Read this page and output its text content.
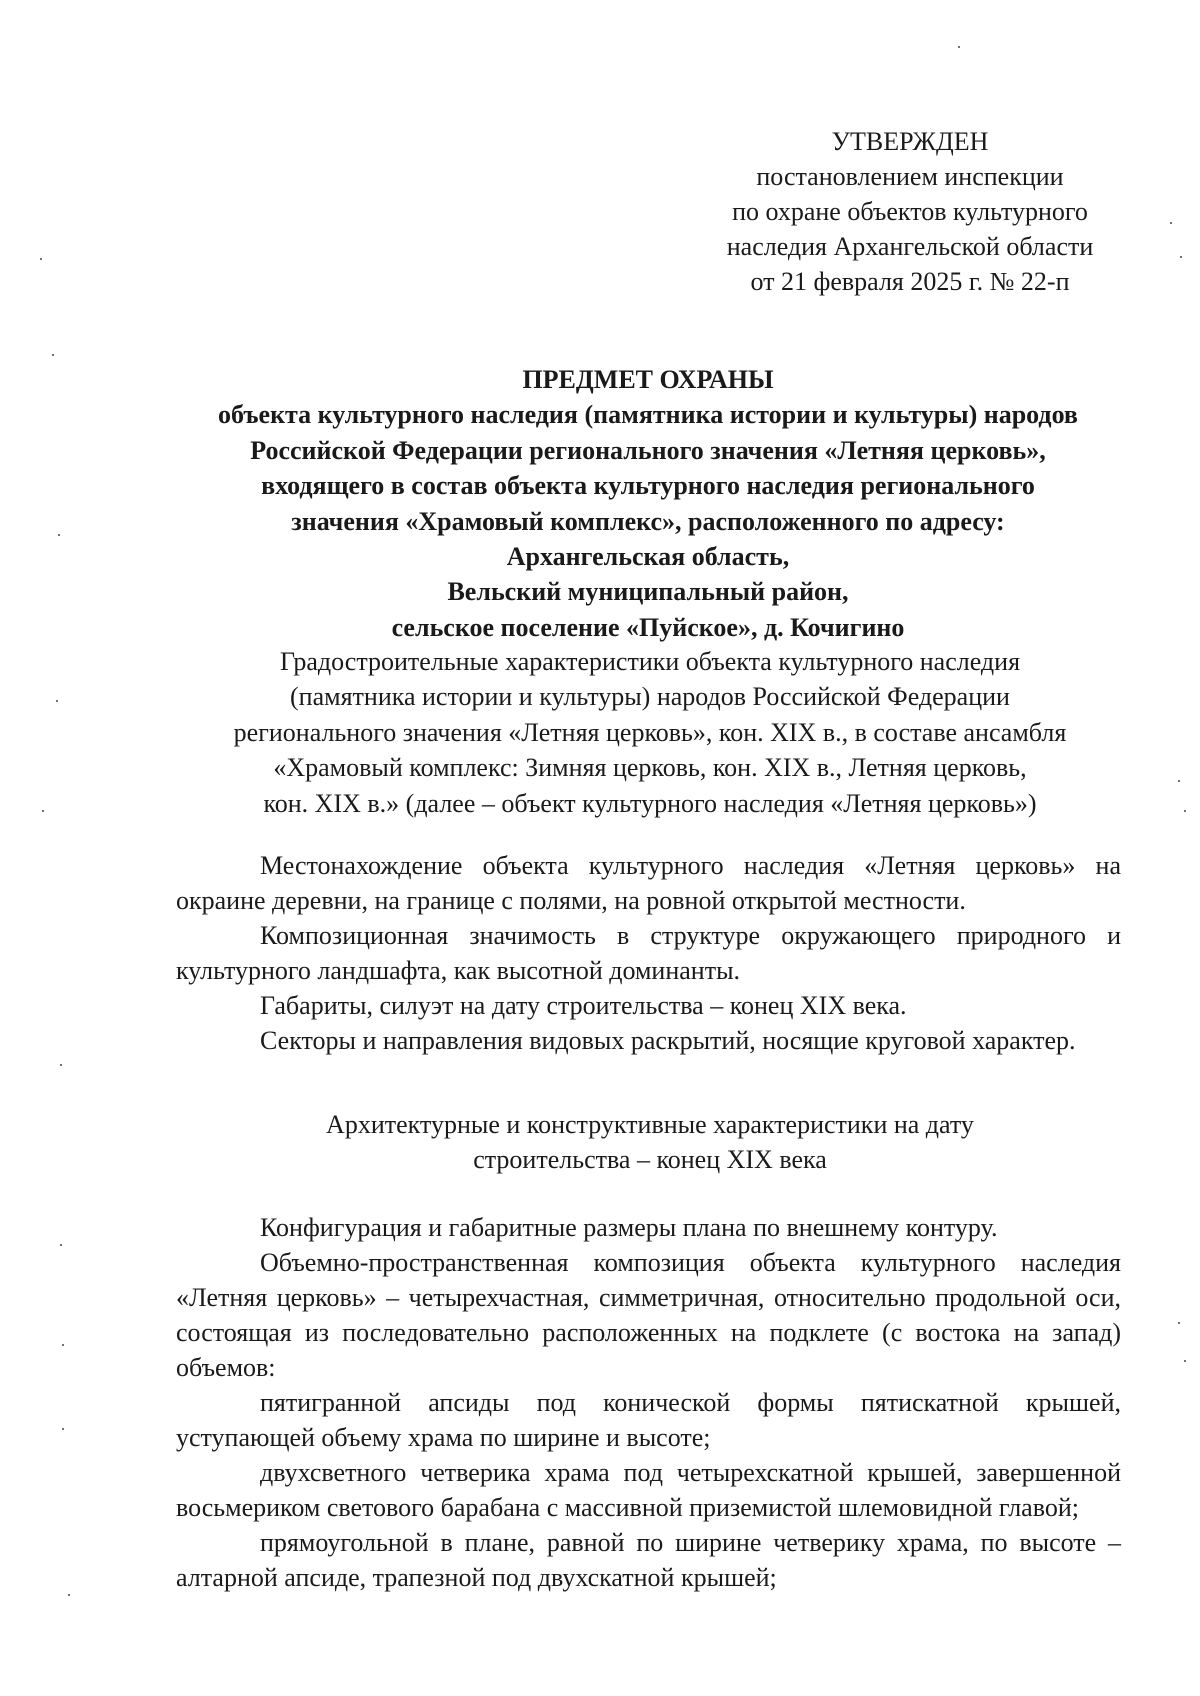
УТВЕРЖДЕН
постановлением инспекции
по охране объектов культурного
наследия Архангельской области
от 21 февраля 2025 г. № 22-п
ПРЕДМЕТ ОХРАНЫ
объекта культурного наследия (памятника истории и культуры) народов
Российской Федерации регионального значения «Летняя церковь»,
входящего в состав объекта культурного наследия регионального
значения «Храмовый комплекс», расположенного по адресу:
Архангельская область,
Вельский муниципальный район,
сельское поселение «Пуйское», д. Кочигино
Градостроительные характеристики объекта культурного наследия
(памятника истории и культуры) народов Российской Федерации
регионального значения «Летняя церковь», кон. XIX в., в составе ансамбля
«Храмовый комплекс: Зимняя церковь, кон. XIX в., Летняя церковь,
кон. XIX в.» (далее – объект культурного наследия «Летняя церковь»)

Местонахождение объекта культурного наследия «Летняя церковь» на окраине деревни, на границе с полями, на ровной открытой местности.

Композиционная значимость в структуре окружающего природного и культурного ландшафта, как высотной доминанты.

Габариты, силуэт на дату строительства – конец XIX века.

Секторы и направления видовых раскрытий, носящие круговой характер.

Архитектурные и конструктивные характеристики на дату
строительства – конец XIX века

Конфигурация и габаритные размеры плана по внешнему контуру.

Объемно-пространственная композиция объекта культурного наследия «Летняя церковь» – четырехчастная, симметричная, относительно продольной оси, состоящая из последовательно расположенных на подклете (с востока на запад) объемов:

пятигранной апсиды под конической формы пятискатной крышей, уступающей объему храма по ширине и высоте;

двухсветного четверика храма под четырехскатной крышей, завершенной восьмериком светового барабана с массивной приземистой шлемовидной главой;

прямоугольной в плане, равной по ширине четверику храма, по высоте – алтарной апсиде, трапезной под двухскатной крышей;
